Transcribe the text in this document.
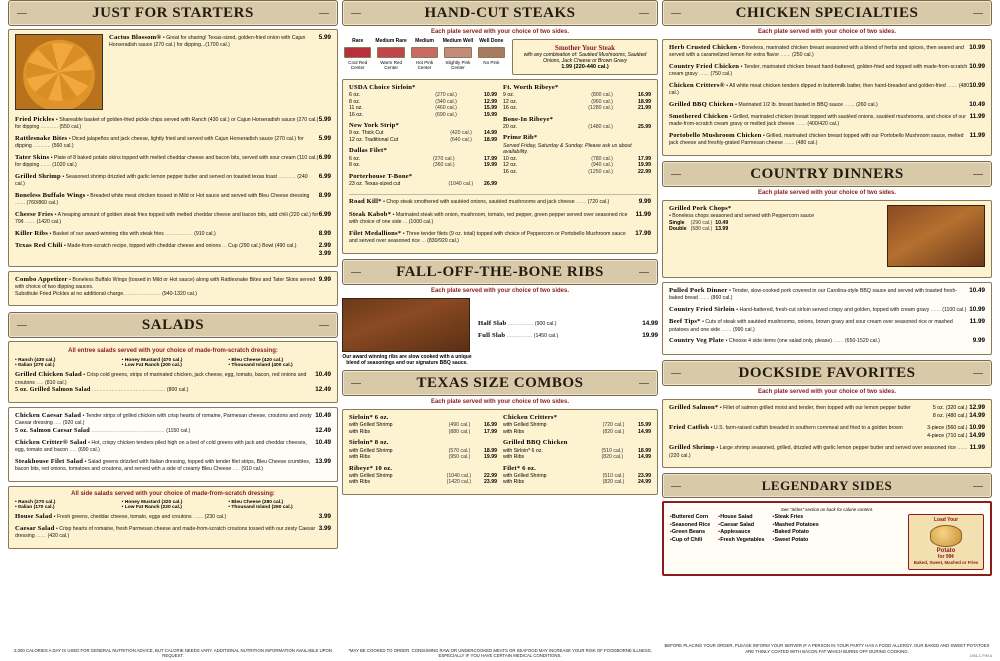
JUST FOR STARTERS
5.99
Cactus Blossom® • Great for sharing! Texas-sized, golden-fried onion with Cajun Horseradish sauce (270 cal.) for dipping...(1700 cal.)
5.99
Fried Pickles • Shareable basket of golden-fried pickle chips served with Ranch (430 cal.) or Cajun Horseradish sauce (270 cal.) for dipping ............ (550 cal.)
5.99
Rattlesnake Bites • Diced jalapeños and jack cheese, lightly fried and served with Cajun Horseradish sauce (270 cal.) for dipping ............ (560 cal.)
6.99
Tater Skins • Plate of 8 baked potato skins topped with melted cheddar cheese and bacon bits, served with sour cream (110 cal.) for dipping ....... (1020 cal.)
6.99
Grilled Shrimp • Seasoned shrimp drizzled with garlic lemon pepper butter and served on toasted texas toast ............ (240 cal.)
8.99
Boneless Buffalo Wings • Breaded white meat chicken tossed in Mild or Hot sauce and served with Bleu Cheese dressing ....... (760/860 cal.)
6.99
Cheese Fries • A heaping amount of golden steak fries topped with melted cheddar cheese and bacon bits, add chili (220 cal.) for 79¢ ....... (1420 cal.)
8.99
Killer Ribs • Basket of our award-winning ribs with steak fries ................... (910 cal.)
2.99
3.99
Texas Red Chili • Made-from-scratch recipe, topped with cheddar cheese and onions ... Cup (290 cal.) Bowl (490 cal.)
9.99
Combo Appetizer • Boneless Buffalo Wings (tossed in Mild or Hot sauce) along with Rattlesnake Bites and Tater Skins served with choice of two dipping sauces.
Substitute Fried Pickles at no additional charge. ........................ (940-1320 cal.)
SALADS
All entree salads served with your choice of made-from-scratch dressing:
• Ranch (430 cal.)
• Italian (270 cal.)
• Honey Mustard (470 cal.)
• Low Fat Ranch (200 cal.)
• Bleu Cheese (420 cal.)
• Thousand Island (400 cal.)
10.49
Grilled Chicken Salad • Crisp cold greens, strips of marinated chicken, jack cheese, egg, tomato, bacon, red onions and croutons ..... (810 cal.)
12.49
5 oz. Grilled Salmon Salad ................................................. (800 cal.)
10.49
Chicken Caesar Salad • Tender strips of grilled chicken with crisp hearts of romaine, Parmesan cheese, croutons and zesty Caesar dressing ..... (920 cal.)
12.49
5 oz. Salmon Caesar Salad ................................................. (1150 cal.)
10.49
Chicken Critter® Salad • Hot, crispy chicken tenders piled high on a bed of cold greens with jack and cheddar cheeses, egg, tomato and bacon ..... (690 cal.)
13.99
Steakhouse Filet Salad • Salad greens drizzled with Italian dressing, topped with tender filet strips, Bleu Cheese crumbles, bacon bits, red onions, tomatoes and croutons, and served with a side of creamy Bleu Cheese ..... (910 cal.)
All side salads served with your choice of made-from-scratch dressing:
• Ranch (270 cal.)
• Italian (170 cal.)
• Honey Mustard (320 cal.)
• Low Fat Ranch (220 cal.)
• Bleu Cheese (280 cal.)
• Thousand Island (260 cal.)
3.99
House Salad • Fresh greens, cheddar cheese, tomato, eggs and croutons ....... (230 cal.)
3.99
Caesar Salad • Crisp hearts of romaine, fresh Parmesan cheese and made-from-scratch croutons tossed with our zesty Caesar dressing ....... (420 cal.)
HAND-CUT STEAKS
Each plate served with your choice of two sides.
Rare
Cool Red Center
Medium Rare
Warm Red Center
Medium
Hot Pink Center
Medium Well
Slightly Pink Center
Well Done
No Pink
Smother Your Steak
with any combination of: Sautéed Mushrooms, Sautéed Onions, Jack Cheese or Brown Gravy
1.99 (220-440 cal.)
USDA Choice Sirloin*
6 oz.	(270 cal.)	10.99
8 oz.	(340 cal.)	12.99
11 oz.	(460 cal.)	15.99
16 oz.	(690 cal.)	19.99
New York Strip*
9 oz. Thick Cut	(420 cal.)	14.99
12 oz. Traditional Cut	(640 cal.)	18.99
Dallas Filet*
6 oz.	(270 cal.)	17.99
8 oz.	(360 cal.)	19.99
Porterhouse T-Bone*
23 oz. Texas-sized cut	(1040 cal.)	26.99
Ft. Worth Ribeye*
9 oz.	(800 cal.)	16.99
12 oz.	(960 cal.)	18.99
16 oz.	(1280 cal.)	21.99
Bone-In Ribeye*
20 oz.	(1480 cal.)	25.99
Prime Rib*
Served Friday, Saturday & Sunday. Please ask us about availability.
10 oz.	(780 cal.)	17.99
12 oz.	(940 cal.)	19.99
16 oz.	(1250 cal.)	22.99
9.99
Road Kill* • Chop steak smothered with sautéed onions, sautéed mushrooms and jack cheese ....... (720 cal.)
11.99
Steak Kabob* • Marinated steak with onion, mushroom, tomato, red pepper, green pepper served over seasoned rice with choice of one side ... (1000 cal.)
17.99
Filet Medallions* • Three tender filets (9 oz. total) topped with choice of Peppercorn or Portobello Mushroom sauce and served over seasoned rice ... (830/920 cal.)
FALL-OFF-THE-BONE RIBS
Each plate served with your choice of two sides.
Our award winning ribs are slow cooked with a unique blend of seasonings and our signature BBQ sauce.
14.99
Half Slab ................. (900 cal.)
19.99
Full Slab ................. (1450 cal.)
TEXAS SIZE COMBOS
Each plate served with your choice of two sides.
Sirloin* 6 oz.
with Grilled Shrimp	(490 cal.)	16.99
with Ribs	(880 cal.)	17.99
Sirloin* 8 oz.
with Grilled Shrimp	(570 cal.)	18.99
with Ribs	(950 cal.)	19.99
Ribeye* 10 oz.
with Grilled Shrimp	(1040 cal.)	22.99
with Ribs	(1420 cal.)	23.99
Chicken Critters*
with Grilled Shrimp	(720 cal.)	15.99
with Ribs	(820 cal.)	14.99
Grilled BBQ Chicken
with Sirloin* 6 oz.	(510 cal.)	18.99
with Ribs	(820 cal.)	14.99
Filet* 6 oz.
with Grilled Shrimp	(510 cal.)	23.99
with Ribs	(820 cal.)	24.99
CHICKEN SPECIALTIES
Each plate served with your choice of two sides.
10.99
Herb Crusted Chicken • Boneless, marinated chicken breast seasoned with a blend of herbs and spices, then seared and served with a caramelized lemon for extra flavor ....... (250 cal.)
10.99
Country Fried Chicken • Tender, marinated chicken breast hand-battered, golden-fried and topped with made-from-scratch cream gravy ....... (750 cal.)
10.99
Chicken Critters® • All white meat chicken tenders dipped in buttermilk batter, then hand-breaded and golden-fried ....... (480 cal.)
10.49
Grilled BBQ Chicken • Marinated 1/2 lb. breast basted in BBQ sauce ....... (260 cal.)
11.99
Smothered Chicken • Grilled, marinated chicken breast topped with sautéed onions, sautéed mushrooms, and choice of our made-from-scratch cream gravy or melted jack cheese ....... (400/420 cal.)
11.99
Portobello Mushroom Chicken • Grilled, marinated chicken breast topped with our Portobello Mushroom sauce, melted jack cheese and freshly-grated Parmesan cheese ....... (480 cal.)
COUNTRY DINNERS
Each plate served with your choice of two sides.
Grilled Pork Chops*
• Boneless chops seasoned and served with Peppercorn sauce
Single	(290 cal.)	10.49
Double	(580 cal.)	13.99
10.49
Pulled Pork Dinner • Tender, slow-cooked pork covered in our Carolina-style BBQ sauce and served with toasted fresh-baked bread ....... (860 cal.)
10.99
Country Fried Sirloin • Hand-battered, fresh-cut sirloin served crispy and golden, topped with cream gravy ....... (1100 cal.)
11.99
Beef Tips* • Cuts of steak with sautéed mushrooms, onions, brown gravy and sour cream over seasoned rice or mashed potatoes and one side ....... (990 cal.)
9.99
Country Veg Plate • Choose 4 side items (one salad only, please) ....... (650-1520 cal.)
DOCKSIDE FAVORITES
Each plate served with your choice of two sides.
5 oz. (320 cal.) 12.99
8 oz. (480 cal.) 14.99
Grilled Salmon* • Fillet of salmon grilled moist and tender, then topped with our lemon pepper butter
3-piece (560 cal.) 10.99
4-piece (710 cal.) 14.99
Fried Catfish • U.S. farm-raised catfish breaded in southern cornmeal and fried to a golden brown
11.99
Grilled Shrimp • Large shrimp seasoned, grilled, drizzled with garlic lemon pepper butter and served over seasoned rice ....... (220 cal.)
LEGENDARY SIDES
See "Sides" section on back for calorie content.
▪ Buttered Corn
▪ Seasoned Rice
▪ Green Beans
▪ Cup of Chili
▪ House Salad
▪ Caesar Salad
▪ Applesauce
▪ Fresh Vegetables
▪ Steak Fries
▪ Mashed Potatoes
▪ Baked Potato
▪ Sweet Potato
Load Your
Potato
for 99¢
Baked, Sweet, Mashed or Fries
2,000 CALORIES A DAY IS USED FOR GENERAL NUTRITION ADVICE, BUT CALORIE NEEDS VARY. ADDITIONAL NUTRITION INFORMATION AVAILABLE UPON REQUEST.
*MAY BE COOKED TO ORDER. CONSUMING RAW OR UNDERCOOKED MEATS OR SEAFOOD MAY INCREASE YOUR RISK OF FOODBORNE ILLNESS, ESPECIALLY IF YOU HAVE CERTAIN MEDICAL CONDITIONS.
BEFORE PLACING YOUR ORDER, PLEASE INFORM YOUR SERVER IF A PERSON IN YOUR PARTY HAS A FOOD ALLERGY. OUR BAKED AND SWEET POTATOES ARE THINLY COATED WITH BACON FAT WHICH BURNS OFF DURING COOKING.
1951-C P/M A
